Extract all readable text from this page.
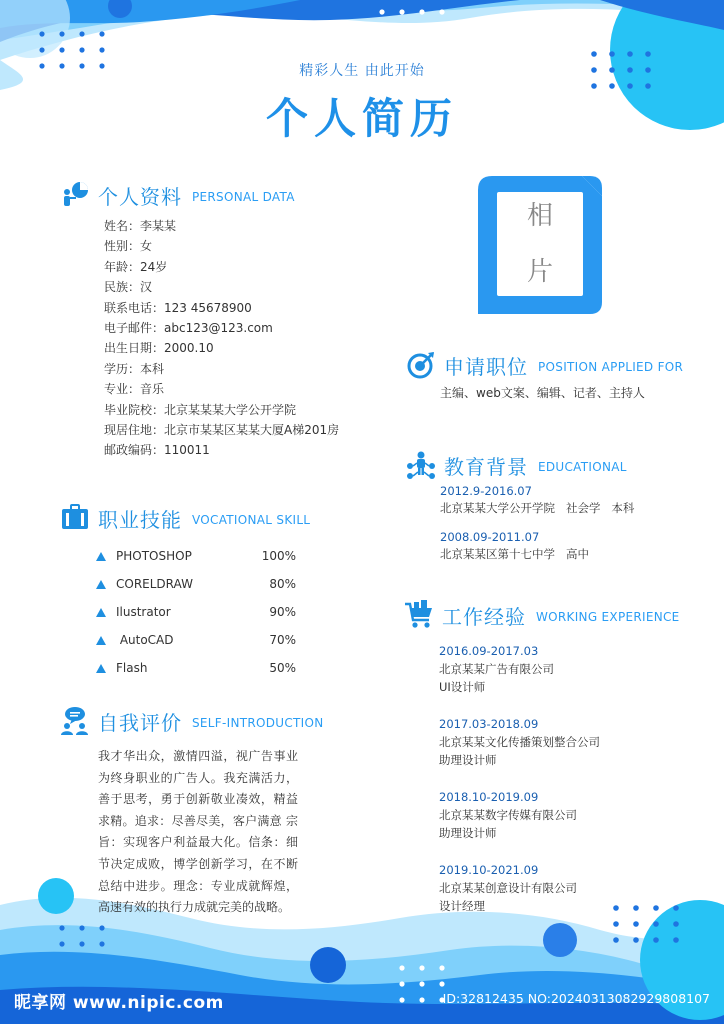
精彩人生 由此开始
个人简历
个人资料 PERSONAL DATA
姓名：李某某
性别：女
年龄：24岁
民族：汉
联系电话：123 45678900
电子邮件：abc123@123.com
出生日期：2000.10
学历：本科
专业：音乐
毕业院校：北京某某某大学公开学院
现居住地：北京市某某区某某大厦A梯201房
邮政编码：110011
职业技能 VOCATIONAL SKILL
PHOTOSHOP	100%
CORELDRAW	80%
Ilustrator	90%
AutoCAD	70%
Flash	50%
自我评价 SELF-INTRODUCTION
我才华出众，激情四溢，视广告事业为终身职业的广告人。我充满活力，善于思考，勇于创新敬业凑效，精益求精。追求：尽善尽美，客户满意 宗旨：实现客户利益最大化。信条：细节决定成败，博学创新学习，在不断总结中进步。理念：专业成就辉煌，高速有效的执行力成就完美的战略。
相
片
申请职位 POSITION APPLIED FOR
主编、web文案、编辑、记者、主持人
教育背景 EDUCATIONAL
2012.9-2016.07
北京某某大学公开学院   社会学   本科
2008.09-2011.07
北京某某区第十七中学   高中
工作经验 WORKING EXPERIENCE
2016.09-2017.03
北京某某广告有限公司
UI设计师
2017.03-2018.09
北京某某文化传播策划整合公司
助理设计师
2018.10-2019.09
北京某某数字传媒有限公司
助理设计师
2019.10-2021.09
北京某某创意设计有限公司
设计经理
昵享网 www.nipic.com	ID:32812435 NO:20240313082929808107
